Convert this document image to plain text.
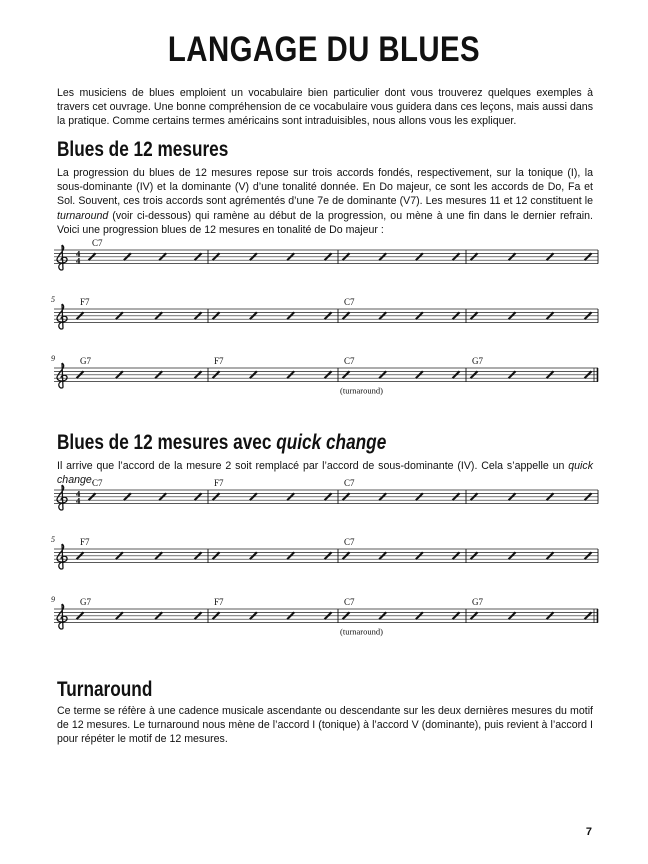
LANGAGE DU BLUES

Les musiciens de blues emploient un vocabulaire bien particulier dont vous trouverez quelques exemples à travers cet ouvrage. Une bonne compréhension de ce vocabulaire vous guidera dans ces leçons, mais aussi dans la pratique. Comme certains termes américains sont intraduisibles, nous allons vous les expliquer.

Blues de 12 mesures

La progression du blues de 12 mesures repose sur trois accords fondés, respectivement, sur la tonique (I), la sous-dominante (IV) et la dominante (V) d’une tonalité donnée. En Do majeur, ce sont les accords de Do, Fa et Sol. Souvent, ces trois accords sont agrémentés d’une 7e de dominante (V7). Les mesures 11 et 12 constituent le turnaround (voir ci-dessous) qui ramène au début de la progression, ou mène à une fin dans le dernier refrain. Voici une progression blues de 12 mesures en tonalité de Do majeur :

4
4
C7
5	F7	C7
9	G7	F7	C7	G7
(turnaround)
Blues de 12 mesures avec quick change

Il arrive que l’accord de la mesure 2 soit remplacé par l’accord de sous-dominante (IV). Cela s’appelle un quick change.

4
4
C7	F7	C7
5	F7	C7
9	G7	F7	C7	G7
(turnaround)
Turnaround

Ce terme se réfère à une cadence musicale ascendante ou descendante sur les deux dernières mesures du motif de 12 mesures. Le turnaround nous mène de l’accord I (tonique) à l’accord V (dominante), puis revient à l’accord I pour répéter le motif de 12 mesures.

7
